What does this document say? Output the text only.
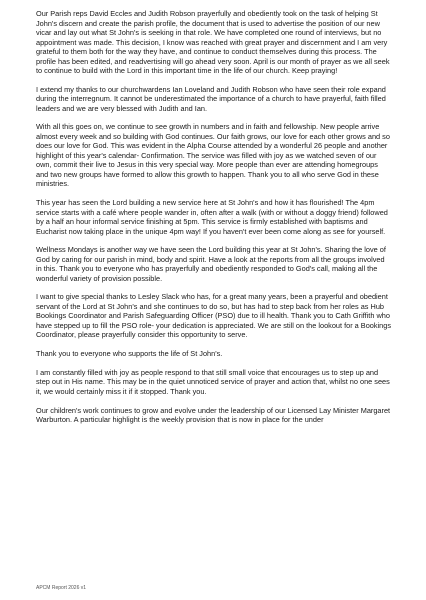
Our Parish reps David Eccles and Judith Robson prayerfully and obediently took on the task of helping St John's discern and create the parish profile, the document that is used to advertise the position of our new vicar and lay out what St John's is seeking in that role. We have completed one round of interviews, but no appointment was made. This decision, I know was reached with great prayer and discernment and I am very grateful to them both for the way they have, and continue to conduct themselves during this process. The profile has been edited, and readvertising will go ahead very soon. April is our month of prayer as we all seek to continue to build with the Lord in this important time in the life of our church. Keep praying!

I extend my thanks to our churchwardens Ian Loveland and Judith Robson who have seen their role expand during the interregnum. It cannot be underestimated the importance of a church to have prayerful, faith filled leaders and we are very blessed with Judith and Ian.

With all this goes on, we continue to see growth in numbers and in faith and fellowship. New people arrive almost every week and so building with God continues. Our faith grows, our love for each other grows and so does our love for God. This was evident in the Alpha Course attended by a wonderful 26 people and another highlight of this year's calendar- Confirmation. The service was filled with joy as we watched seven of our own, commit their live to Jesus in this very special way. More people than ever are attending homegroups and two new groups have formed to allow this growth to happen. Thank you to all who serve God in these ministries.

This year has seen the Lord building a new service here at St John's and how it has flourished! The 4pm service starts with a café where people wander in, often after a walk (with or without a doggy friend) followed by a half an hour informal service finishing at 5pm. This service is firmly established with baptisms and Eucharist now taking place in the unique 4pm way! If you haven't ever been come along as see for yourself.

Wellness Mondays is another way we have seen the Lord building this year at St John's. Sharing the love of God by caring for our parish in mind, body and spirit. Have a look at the reports from all the groups involved in this. Thank you to everyone who has prayerfully and obediently responded to God's call, making all the wonderful variety of provision possible.

I want to give special thanks to Lesley Slack who has, for a great many years, been a prayerful and obedient servant of the Lord at St John's and she continues to do so, but has had to step back from her roles as Hub Bookings Coordinator and Parish Safeguarding Officer (PSO) due to ill health. Thank you to Cath Griffith who have stepped up to fill the PSO role- your dedication is appreciated. We are still on the lookout for a Bookings Coordinator, please prayerfully consider this opportunity to serve.

Thank you to everyone who supports the life of St John's.

I am constantly filled with joy as people respond to that still small voice that encourages us to step up and step out in His name. This may be in the quiet unnoticed service of prayer and action that, whilst no one sees it, we would certainly miss it if it stopped. Thank you.

Our children's work continues to grow and evolve under the leadership of our Licensed Lay Minister Margaret Warburton. A particular highlight is the weekly provision that is now in place for the under

APCM Report 2026 v1
